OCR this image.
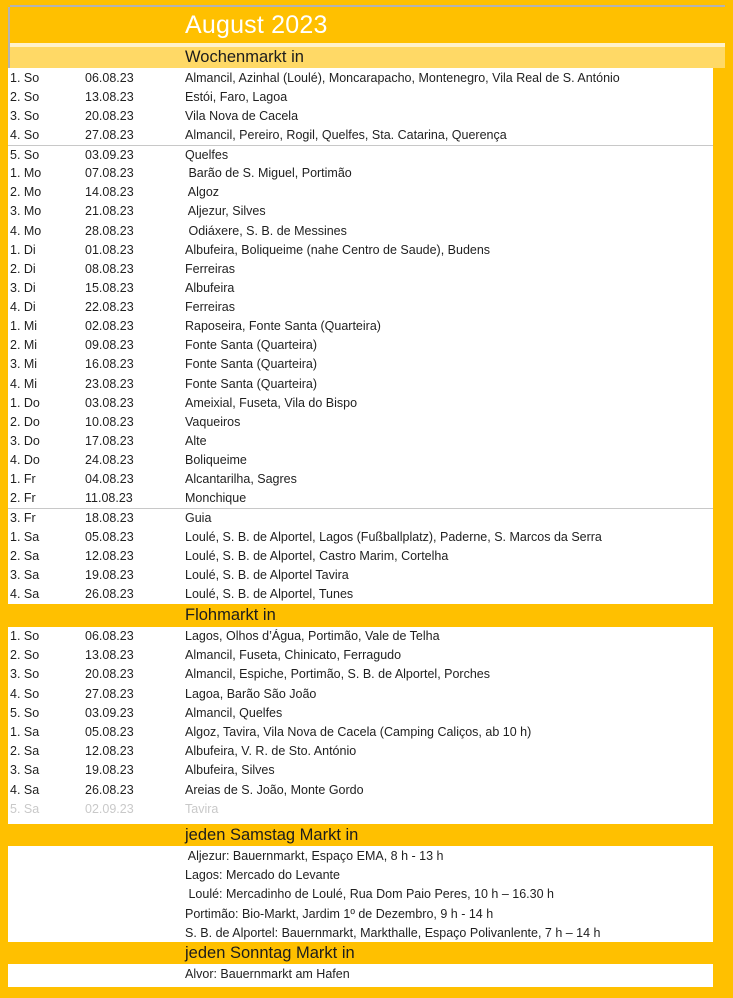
August 2023
Wochenmarkt in
1. So	06.08.23	Almancil, Azinhal (Loulé), Moncarapacho, Montenegro, Vila Real de S. António
2. So	13.08.23	Estói, Faro, Lagoa
3. So	20.08.23	Vila Nova de Cacela
4. So	27.08.23	Almancil, Pereiro, Rogil, Quelfes, Sta. Catarina, Querença
5. So	03.09.23	Quelfes
1. Mo	07.08.23	Barão de S. Miguel, Portimão
2. Mo	14.08.23	Algoz
3. Mo	21.08.23	Aljezur, Silves
4. Mo	28.08.23	Odiáxere, S. B. de Messines
1. Di	01.08.23	Albufeira, Boliqueime (nahe Centro de Saude), Budens
2. Di	08.08.23	Ferreiras
3. Di	15.08.23	Albufeira
4. Di	22.08.23	Ferreiras
1. Mi	02.08.23	Raposeira, Fonte Santa (Quarteira)
2. Mi	09.08.23	Fonte Santa (Quarteira)
3. Mi	16.08.23	Fonte Santa (Quarteira)
4. Mi	23.08.23	Fonte Santa (Quarteira)
1. Do	03.08.23	Ameixial, Fuseta, Vila do Bispo
2. Do	10.08.23	Vaqueiros
3. Do	17.08.23	Alte
4. Do	24.08.23	Boliqueime
1. Fr	04.08.23	Alcantarilha, Sagres
2. Fr	11.08.23	Monchique
3. Fr	18.08.23	Guia
1. Sa	05.08.23	Loulé, S. B. de Alportel, Lagos (Fußballplatz), Paderne, S. Marcos da Serra
2. Sa	12.08.23	Loulé, S. B. de Alportel, Castro Marim, Cortelha
3. Sa	19.08.23	Loulé, S. B. de Alportel Tavira
4. Sa	26.08.23	Loulé, S. B. de Alportel, Tunes
Flohmarkt in
1. So	06.08.23	Lagos, Olhos d’Água, Portimão, Vale de Telha
2. So	13.08.23	Almancil, Fuseta, Chinicato, Ferragudo
3. So	20.08.23	Almancil, Espiche, Portimão, S. B. de Alportel, Porches
4. So	27.08.23	Lagoa, Barão São João
5. So	03.09.23	Almancil, Quelfes
1. Sa	05.08.23	Algoz, Tavira, Vila Nova de Cacela (Camping Caliços, ab 10 h)
2. Sa	12.08.23	Albufeira, V. R. de Sto. António
3. Sa	19.08.23	Albufeira, Silves
4. Sa	26.08.23	Areias de S. João, Monte Gordo
5. Sa	02.09.23	Tavira
jeden Samstag Markt in
Aljezur: Bauernmarkt, Espaço EMA, 8 h - 13 h
Lagos: Mercado do Levante
Loulé: Mercadinho de Loulé, Rua Dom Paio Peres, 10 h – 16.30 h
Portimão: Bio-Markt, Jardim 1º de Dezembro, 9 h - 14 h
S. B. de Alportel: Bauernmarkt, Markthalle, Espaço Polivanlente, 7 h – 14 h
jeden Sonntag Markt in
Alvor: Bauernmarkt am Hafen
